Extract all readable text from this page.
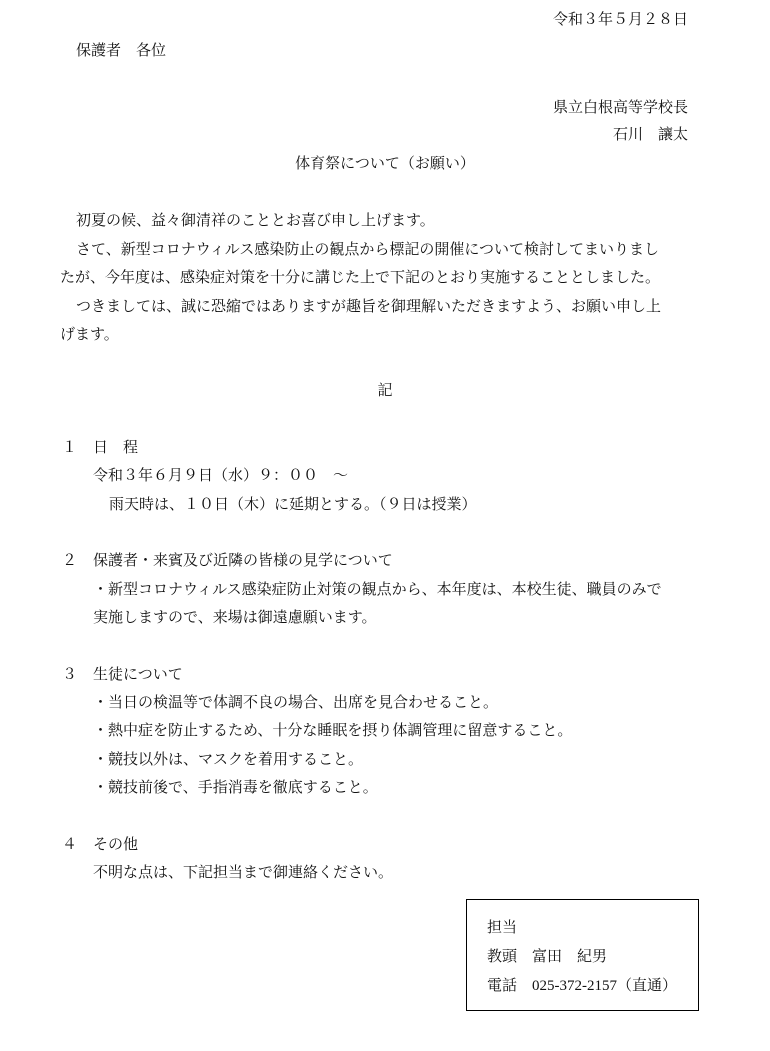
令和３年５月２８日
保護者　各位
県立白根高等学校長
石川　讓太
体育祭について（お願い）
初夏の候、益々御清祥のこととお喜び申し上げます。
さて、新型コロナウィルス感染防止の観点から標記の開催について検討してまいりまし
たが、今年度は、感染症対策を十分に講じた上で下記のとおり実施することとしました。
つきましては、誠に恐縮ではありますが趣旨を御理解いただきますよう、お願い申し上
げます。
記
１ 日　程
令和３年６月９日（水）９：００　～
雨天時は、１０日（木）に延期とする。（９日は授業）
２ 保護者・来賓及び近隣の皆様の見学について
・新型コロナウィルス感染症防止対策の観点から、本年度は、本校生徒、職員のみで
実施しますので、来場は御遠慮願います。
３ 生徒について
・当日の検温等で体調不良の場合、出席を見合わせること。
・熱中症を防止するため、十分な睡眠を摂り体調管理に留意すること。
・競技以外は、マスクを着用すること。
・競技前後で、手指消毒を徹底すること。
４ その他
不明な点は、下記担当まで御連絡ください。
担当
教頭　 富田　紀男
電話　 025-372-2157（直通）
